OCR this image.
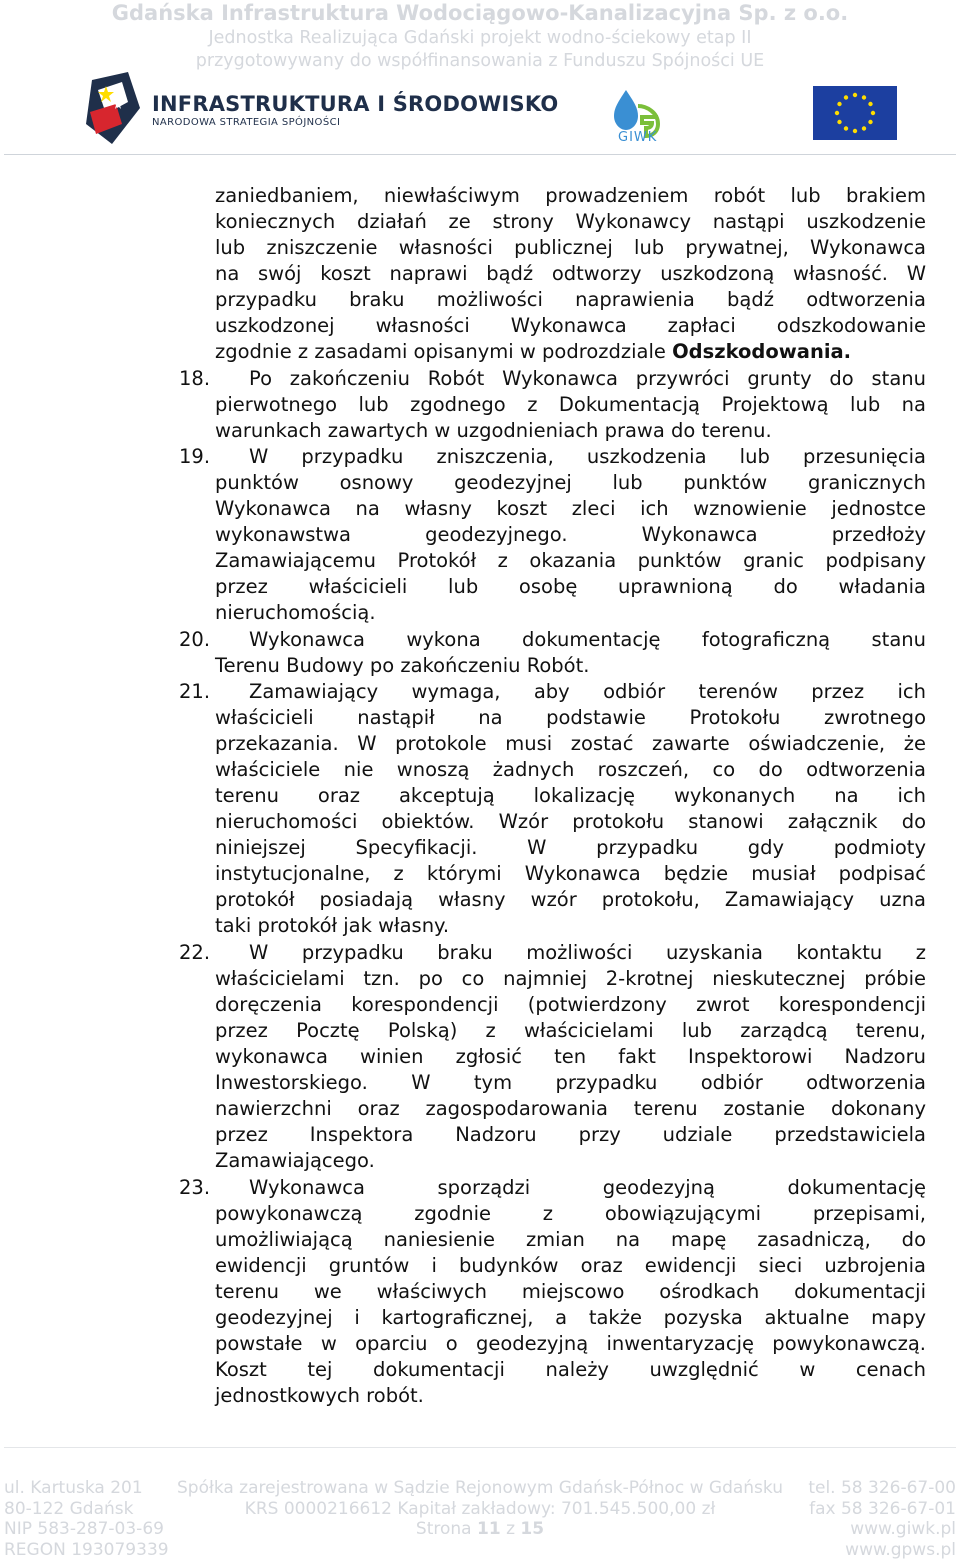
Gdańska Infrastruktura Wodociągowo-Kanalizacyjna Sp. z o.o.
Jednostka Realizująca Gdański projekt wodno-ściekowy etap II
przygotowywany do współfinansowania z Funduszu Spójności UE
INFRASTRUKTURA I ŚRODOWISKO
NARODOWA STRATEGIA SPÓJNOŚCI
GIWK
zaniedbaniem, niewłaściwym prowadzeniem robót lub brakiem
koniecznych działań ze strony Wykonawcy nastąpi uszkodzenie
lub zniszczenie własności publicznej lub prywatnej, Wykonawca
na swój koszt naprawi bądź odtworzy uszkodzoną własność. W
przypadku braku możliwości naprawienia bądź odtworzenia
uszkodzonej własności Wykonawca zapłaci odszkodowanie
zgodnie z zasadami opisanymi w podrozdziale Odszkodowania.
18. Po zakończeniu Robót Wykonawca przywróci grunty do stanu
pierwotnego lub zgodnego z Dokumentacją Projektową lub na
warunkach zawartych w uzgodnieniach prawa do terenu.
19. W przypadku zniszczenia, uszkodzenia lub przesunięcia
punktów osnowy geodezyjnej lub punktów granicznych
Wykonawca na własny koszt zleci ich wznowienie jednostce
wykonawstwa geodezyjnego. Wykonawca przedłoży
Zamawiającemu Protokół z okazania punktów granic podpisany
przez właścicieli lub osobę uprawnioną do władania
nieruchomością.
20. Wykonawca wykona dokumentację fotograficzną stanu
Terenu Budowy po zakończeniu Robót.
21. Zamawiający wymaga, aby odbiór terenów przez ich
właścicieli nastąpił na podstawie Protokołu zwrotnego
przekazania. W protokole musi zostać zawarte oświadczenie, że
właściciele nie wnoszą żadnych roszczeń, co do odtworzenia
terenu oraz akceptują lokalizację wykonanych na ich
nieruchomości obiektów. Wzór protokołu stanowi załącznik do
niniejszej Specyfikacji. W przypadku gdy podmioty
instytucjonalne, z którymi Wykonawca będzie musiał podpisać
protokół posiadają własny wzór protokołu, Zamawiający uzna
taki protokół jak własny.
22. W przypadku braku możliwości uzyskania kontaktu z
właścicielami tzn. po co najmniej 2-krotnej nieskutecznej próbie
doręczenia korespondencji (potwierdzony zwrot korespondencji
przez Pocztę Polską) z właścicielami lub zarządcą terenu,
wykonawca winien zgłosić ten fakt Inspektorowi Nadzoru
Inwestorskiego. W tym przypadku odbiór odtworzenia
nawierzchni oraz zagospodarowania terenu zostanie dokonany
przez Inspektora Nadzoru przy udziale przedstawiciela
Zamawiającego.
23. Wykonawca sporządzi geodezyjną dokumentację
powykonawczą zgodnie z obowiązującymi przepisami,
umożliwiającą naniesienie zmian na mapę zasadniczą, do
ewidencji gruntów i budynków oraz ewidencji sieci uzbrojenia
terenu we właściwych miejscowo ośrodkach dokumentacji
geodezyjnej i kartograficznej, a także pozyska aktualne mapy
powstałe w oparciu o geodezyjną inwentaryzację powykonawczą.
Koszt tej dokumentacji należy uwzględnić w cenach
jednostkowych robót.
ul. Kartuska 201
80-122 Gdańsk
NIP 583-287-03-69
REGON 193079339
Spółka zarejestrowana w Sądzie Rejonowym Gdańsk-Północ w Gdańsku
KRS 0000216612 Kapitał zakładowy: 701.545.500,00 zł
Strona 11 z 15
tel. 58 326-67-00
fax 58 326-67-01
www.giwk.pl
www.gpws.pl
